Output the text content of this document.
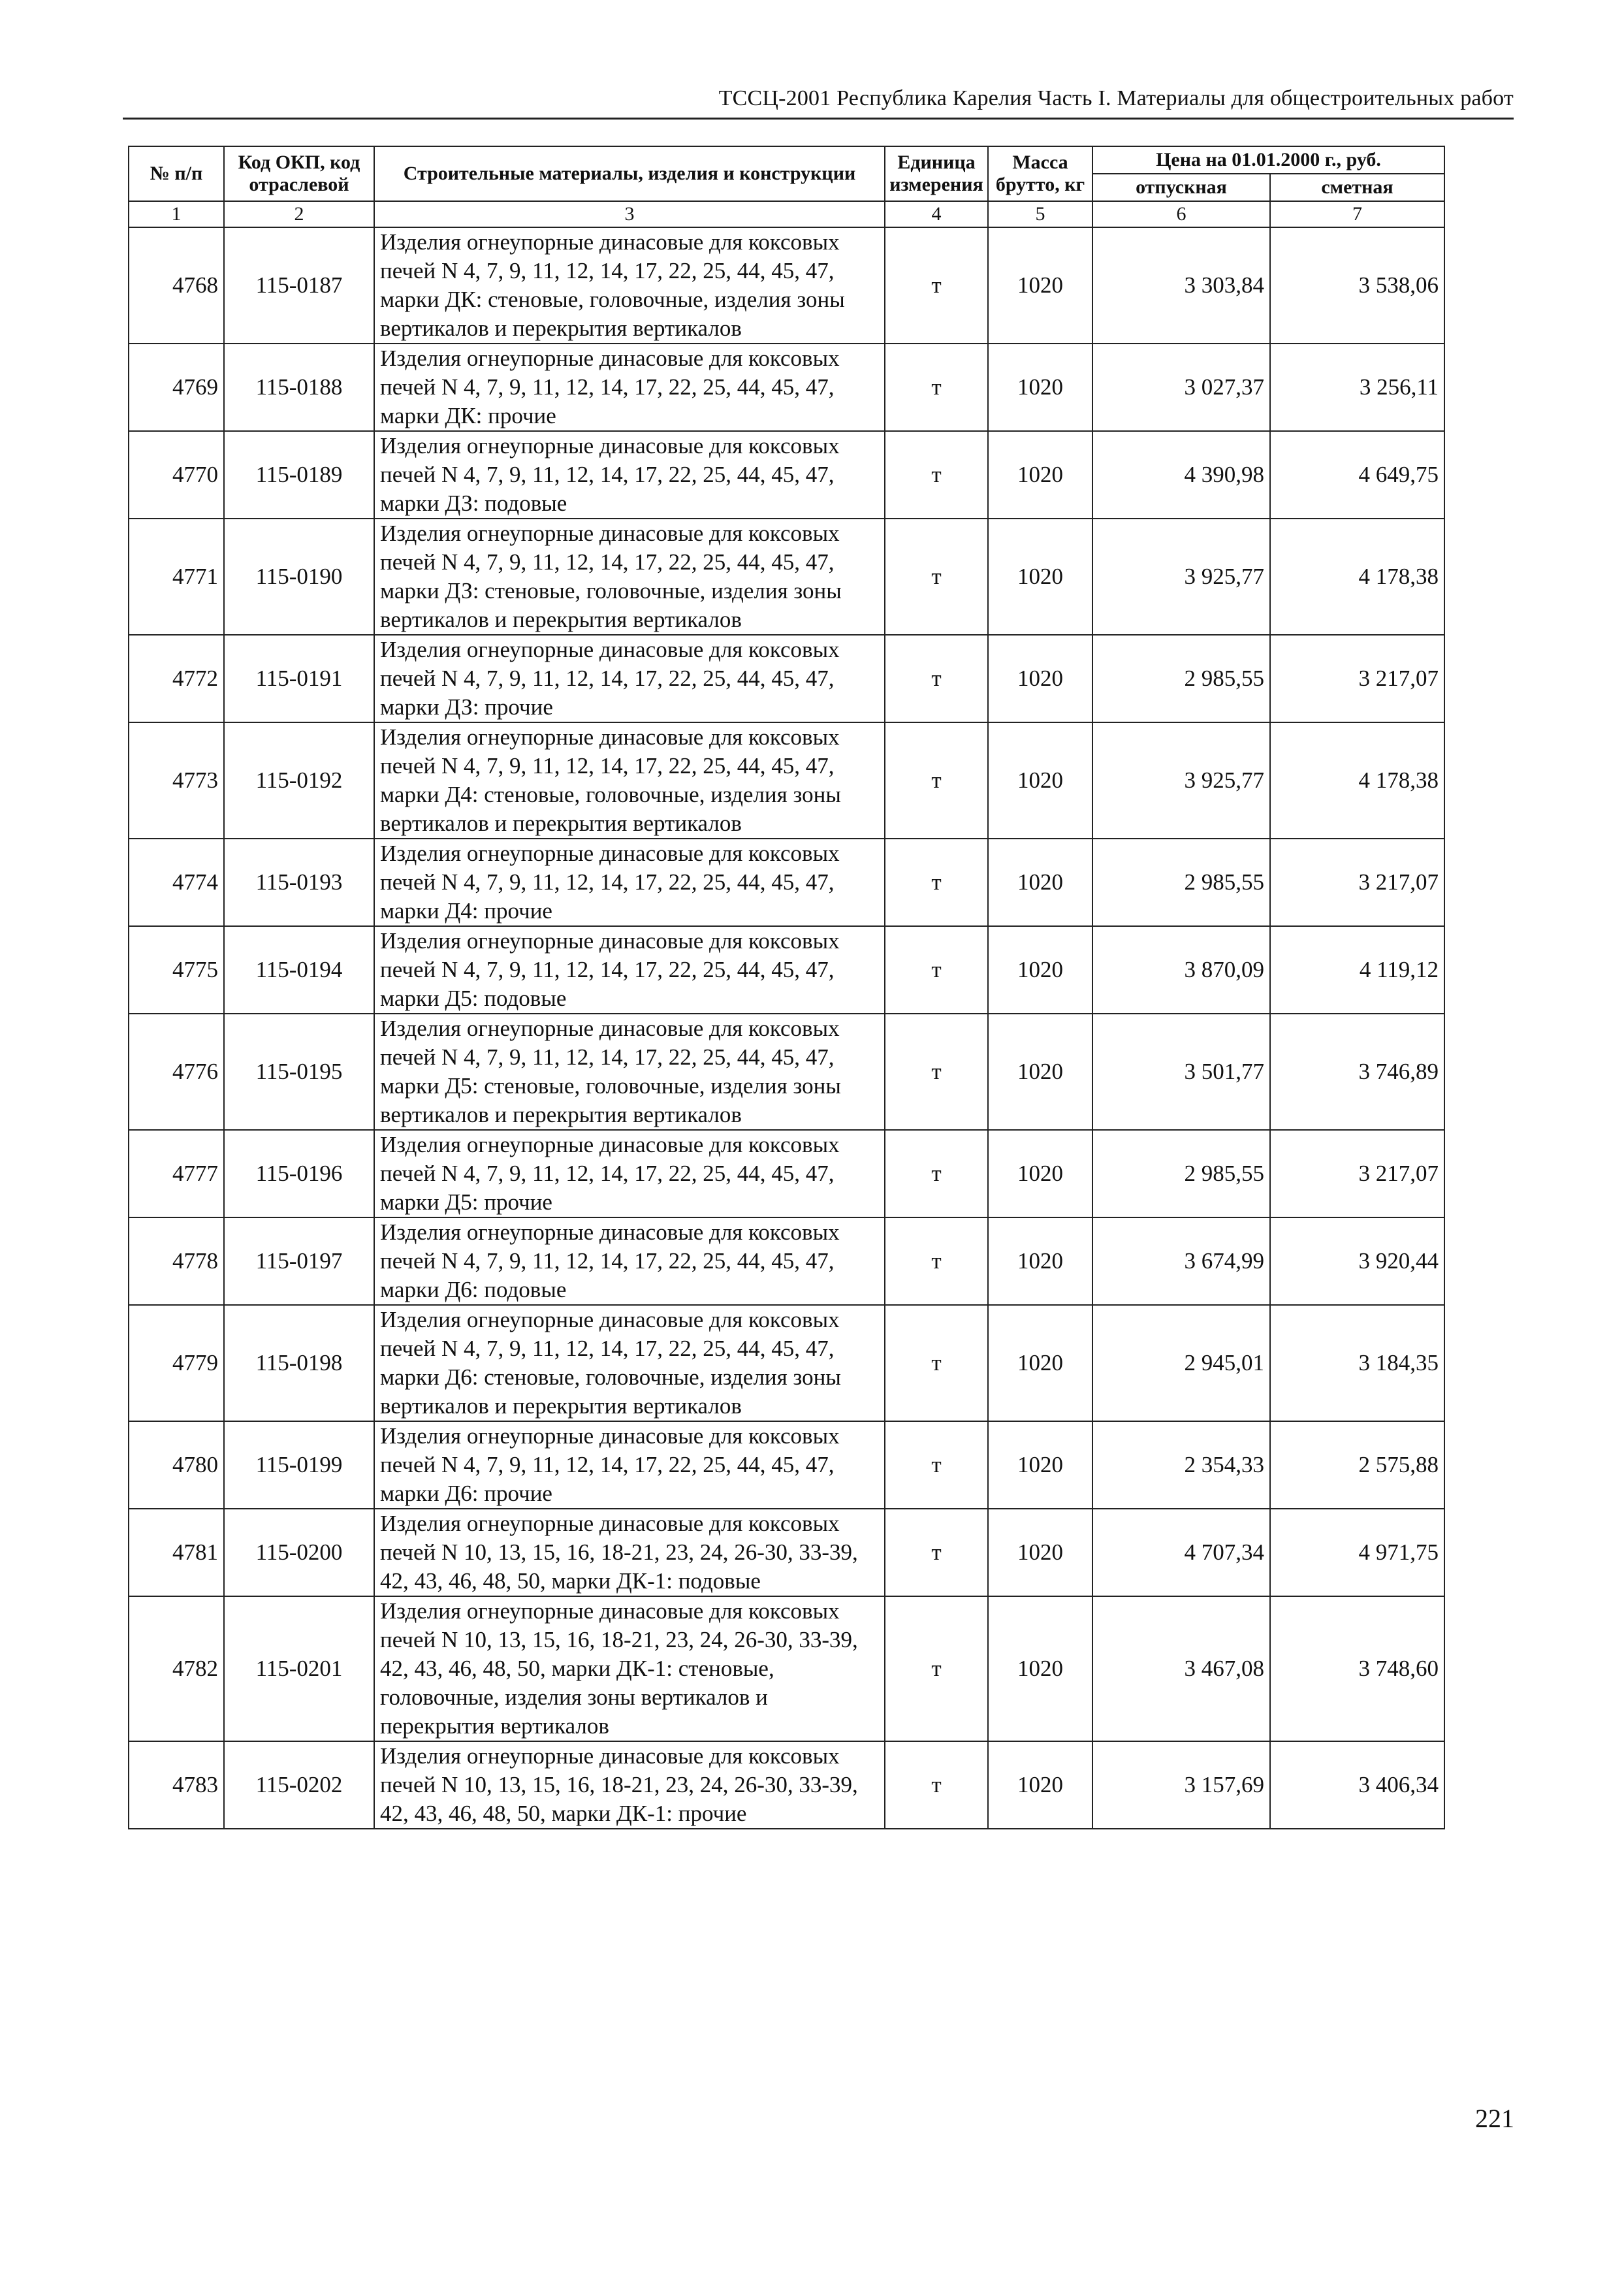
ТССЦ-2001 Республика Карелия Часть I. Материалы для общестроительных работ
№ п/п	Код ОКП, код отраслевой	Строительные материалы, изделия и конструкции	Единица измерения	Масса брутто, кг	Цена на 01.01.2000 г., руб.	
					отпускная	сметная
1	2	3	4	5	6	7
4768	115-0187	Изделия огнеупорные динасовые для коксовых печей N 4, 7, 9, 11, 12, 14, 17, 22, 25, 44, 45, 47, марки ДК: стеновые, головочные, изделия зоны вертикалов и перекрытия вертикалов	т	1020	3 303,84	3 538,06
4769	115-0188	Изделия огнеупорные динасовые для коксовых печей N 4, 7, 9, 11, 12, 14, 17, 22, 25, 44, 45, 47, марки ДК: прочие	т	1020	3 027,37	3 256,11
4770	115-0189	Изделия огнеупорные динасовые для коксовых печей N 4, 7, 9, 11, 12, 14, 17, 22, 25, 44, 45, 47, марки ДЗ: подовые	т	1020	4 390,98	4 649,75
4771	115-0190	Изделия огнеупорные динасовые для коксовых печей N 4, 7, 9, 11, 12, 14, 17, 22, 25, 44, 45, 47, марки ДЗ: стеновые, головочные, изделия зоны вертикалов и перекрытия вертикалов	т	1020	3 925,77	4 178,38
4772	115-0191	Изделия огнеупорные динасовые для коксовых печей N 4, 7, 9, 11, 12, 14, 17, 22, 25, 44, 45, 47, марки ДЗ: прочие	т	1020	2 985,55	3 217,07
4773	115-0192	Изделия огнеупорные динасовые для коксовых печей N 4, 7, 9, 11, 12, 14, 17, 22, 25, 44, 45, 47, марки Д4: стеновые, головочные, изделия зоны вертикалов и перекрытия вертикалов	т	1020	3 925,77	4 178,38
4774	115-0193	Изделия огнеупорные динасовые для коксовых печей N 4, 7, 9, 11, 12, 14, 17, 22, 25, 44, 45, 47, марки Д4: прочие	т	1020	2 985,55	3 217,07
4775	115-0194	Изделия огнеупорные динасовые для коксовых печей N 4, 7, 9, 11, 12, 14, 17, 22, 25, 44, 45, 47, марки Д5: подовые	т	1020	3 870,09	4 119,12
4776	115-0195	Изделия огнеупорные динасовые для коксовых печей N 4, 7, 9, 11, 12, 14, 17, 22, 25, 44, 45, 47, марки Д5: стеновые, головочные, изделия зоны вертикалов и перекрытия вертикалов	т	1020	3 501,77	3 746,89
4777	115-0196	Изделия огнеупорные динасовые для коксовых печей N 4, 7, 9, 11, 12, 14, 17, 22, 25, 44, 45, 47, марки Д5: прочие	т	1020	2 985,55	3 217,07
4778	115-0197	Изделия огнеупорные динасовые для коксовых печей N 4, 7, 9, 11, 12, 14, 17, 22, 25, 44, 45, 47, марки Д6: подовые	т	1020	3 674,99	3 920,44
4779	115-0198	Изделия огнеупорные динасовые для коксовых печей N 4, 7, 9, 11, 12, 14, 17, 22, 25, 44, 45, 47, марки Д6: стеновые, головочные, изделия зоны вертикалов и перекрытия вертикалов	т	1020	2 945,01	3 184,35
4780	115-0199	Изделия огнеупорные динасовые для коксовых печей N 4, 7, 9, 11, 12, 14, 17, 22, 25, 44, 45, 47, марки Д6: прочие	т	1020	2 354,33	2 575,88
4781	115-0200	Изделия огнеупорные динасовые для коксовых печей N 10, 13, 15, 16, 18-21, 23, 24, 26-30, 33-39, 42, 43, 46, 48, 50, марки ДК-1: подовые	т	1020	4 707,34	4 971,75
4782	115-0201	Изделия огнеупорные динасовые для коксовых печей N 10, 13, 15, 16, 18-21, 23, 24, 26-30, 33-39, 42, 43, 46, 48, 50, марки ДК-1: стеновые, головочные, изделия зоны вертикалов и перекрытия вертикалов	т	1020	3 467,08	3 748,60
4783	115-0202	Изделия огнеупорные динасовые для коксовых печей N 10, 13, 15, 16, 18-21, 23, 24, 26-30, 33-39, 42, 43, 46, 48, 50, марки ДК-1: прочие	т	1020	3 157,69	3 406,34
221
